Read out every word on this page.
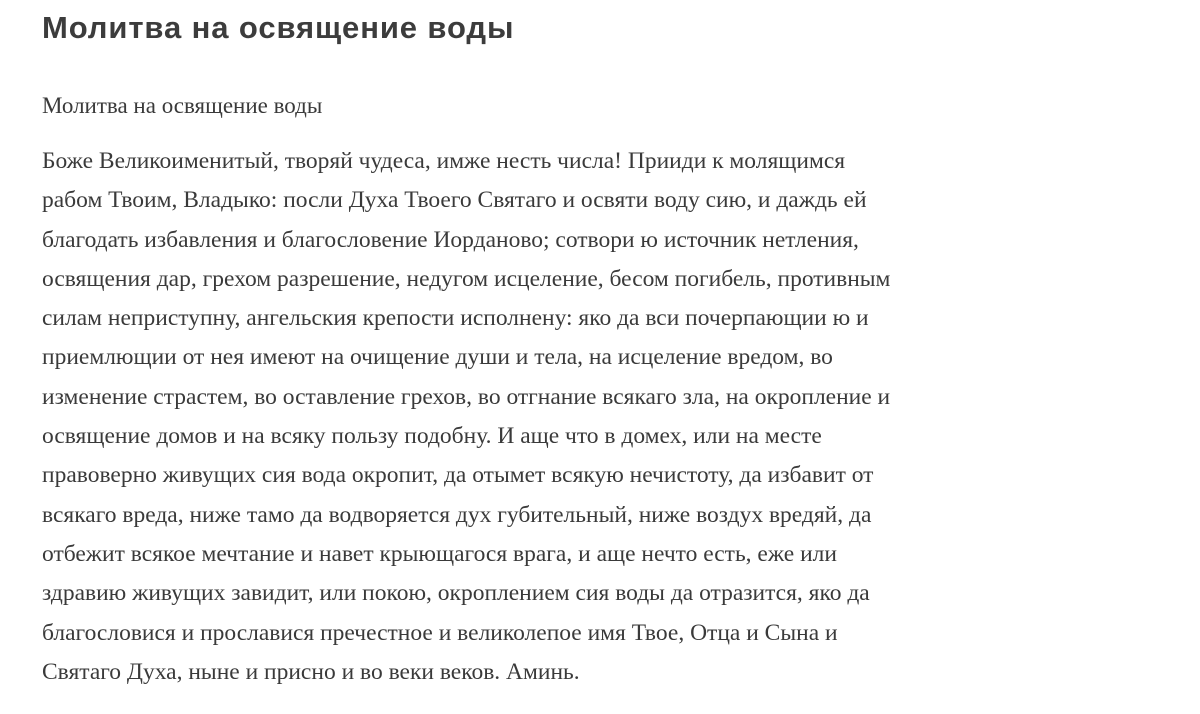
Молитва на освящение воды

Молитва на освящение воды

Боже Великоименитый, творяй чудеса, имже несть числа! Прииди к молящимся
рабом Твоим, Владыко: посли Духа Твоего Святаго и освяти воду сию, и даждь ей
благодать избавления и благословение Иорданово; сотвори ю источник нетления,
освящения дар, грехом разрешение, недугом исцеление, бесом погибель, противным
силам неприступну, ангельския крепости исполнену: яко да вси почерпающии ю и
приемлющии от нея имеют на очищение души и тела, на исцеление вредом, во
изменение страстем, во оставление грехов, во отгнание всякаго зла, на окропление и
освящение домов и на всяку пользу подобну. И аще что в домех, или на месте
правоверно живущих сия вода окропит, да отымет всякую нечистоту, да избавит от
всякаго вреда, ниже тамо да водворяется дух губительный, ниже воздух вредяй, да
отбежит всякое мечтание и навет крыющагося врага, и аще нечто есть, еже или
здравию живущих завидит, или покою, окроплением сия воды да отразится, яко да
благословися и прославися пречестное и великолепое имя Твое, Отца и Сына и
Святаго Духа, ныне и присно и во веки веков. Аминь.
